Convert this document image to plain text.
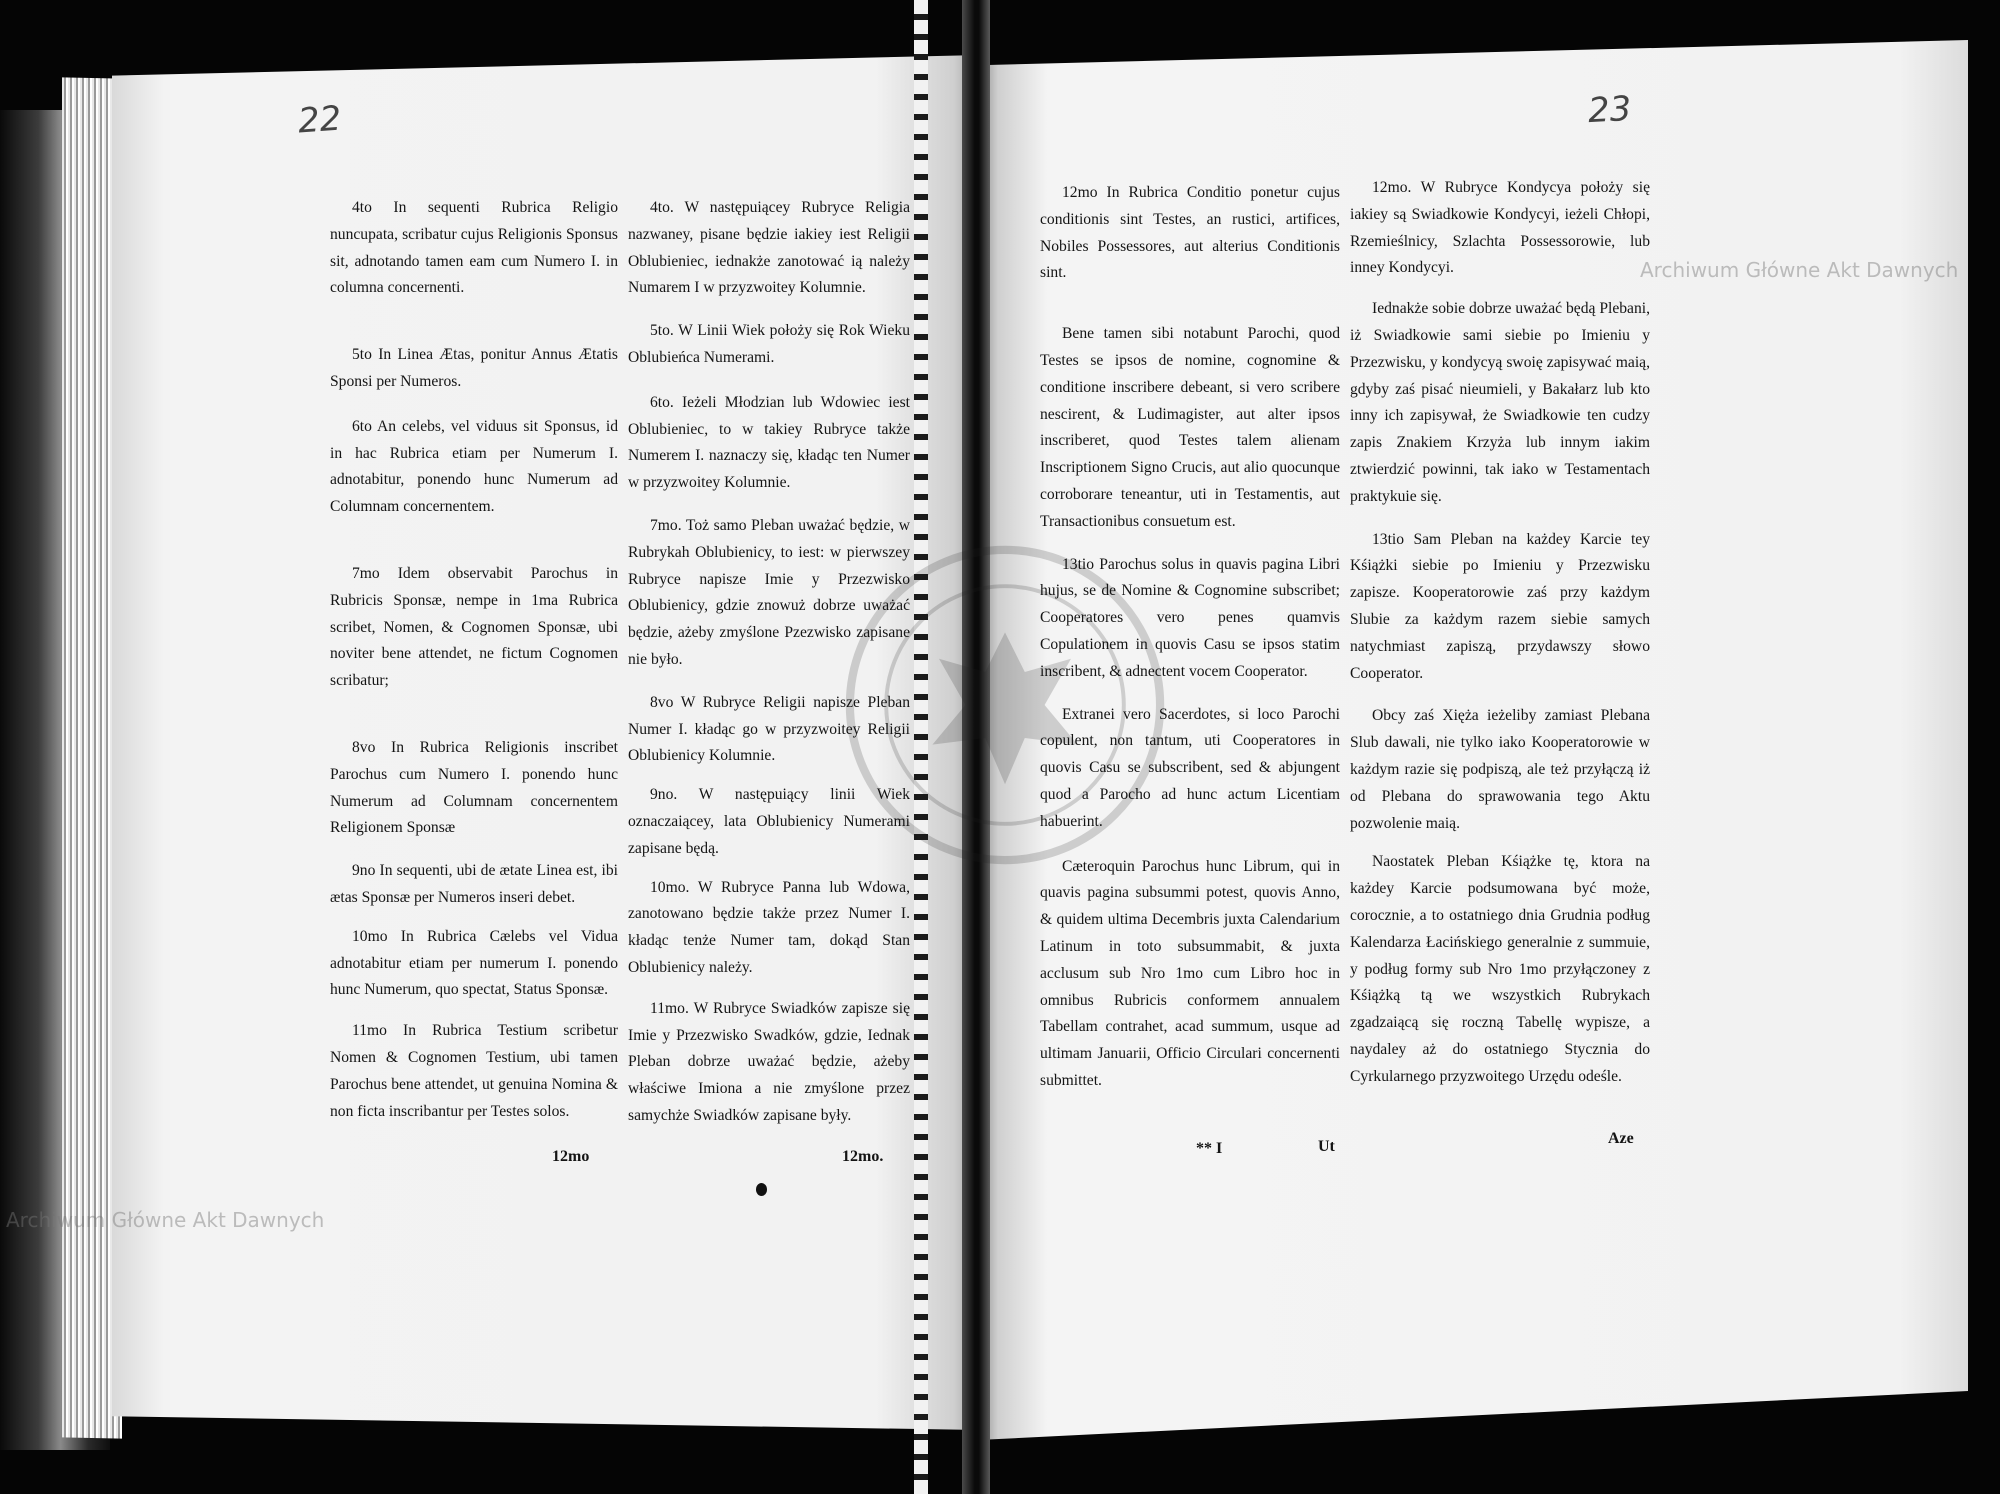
22	23

4to In sequenti Rubrica Religio nuncupata, scribatur cujus Religionis Sponsus sit, adnotando tamen eam cum Numero I. in columna concernenti.

5to In Linea Ætas, ponitur Annus Ætatis Sponsi per Numeros.

6to An celebs, vel viduus sit Sponsus, id in hac Rubrica etiam per Numerum I. adnotabitur, ponendo hunc Numerum ad Columnam concernentem.

7mo Idem observabit Parochus in Rubricis Sponsæ, nempe in 1ma Rubrica scribet, Nomen, & Cognomen Sponsæ, ubi noviter bene attendet, ne fictum Cognomen scribatur;

8vo In Rubrica Religionis inscribet Parochus cum Numero I. ponendo hunc Numerum ad Columnam concernentem Religionem Sponsæ

9no In sequenti, ubi de ætate Linea est, ibi ætas Sponsæ per Numeros inseri debet.

10mo In Rubrica Cælebs vel Vidua adnotabitur etiam per numerum I. ponendo hunc Numerum, quo spectat, Status Sponsæ.

11mo In Rubrica Testium scribetur Nomen & Cognomen Testium, ubi tamen Parochus bene attendet, ut genuina Nomina & non ficta inscribantur per Testes solos.

4to. W następuiącey Rubryce Religia nazwaney, pisane będzie iakiey iest Religii Oblubieniec, iednakże zanotować ią należy Numarem I w przyzwoitey Kolumnie.

5to. W Linii Wiek położy się Rok Wieku Oblubieńca Numerami.

6to. Ieżeli Młodzian lub Wdowiec iest Oblubieniec, to w takiey Rubryce także Numerem I. naznaczy się, kładąc ten Numer w przyzwoitey Kolumnie.

7mo. Toż samo Pleban uważać będzie, w Rubrykah Oblubienicy, to iest: w pierwszey Rubryce napisze Imie y Przezwisko Oblubienicy, gdzie znowuż dobrze uważać będzie, ażeby zmyślone Pzezwisko zapisane nie było.

8vo W Rubryce Religii napisze Pleban Numer I. kładąc go w przyzwoitey Religii Oblubienicy Kolumnie.

9no. W następuiący linii Wiek oznaczaiącey, lata Oblubienicy Numerami zapisane będą.

10mo. W Rubryce Panna lub Wdowa, zanotowano będzie także przez Numer I. kładąc tenże Numer tam, dokąd Stan Oblubienicy należy.

11mo. W Rubryce Swiadków zapisze się Imie y Przezwisko Swadków, gdzie, Iednak Pleban dobrze uważać będzie, ażeby właściwe Imiona a nie zmyślone przez samychże Swiadków zapisane były.

12mo	12mo.

12mo In Rubrica Conditio ponetur cujus conditionis sint Testes, an rustici, artifices, Nobiles Possessores, aut alterius Conditionis sint.

Bene tamen sibi notabunt Parochi, quod Testes se ipsos de nomine, cognomine & conditione inscribere debeant, si vero scribere nescirent, & Ludimagister, aut alter ipsos inscriberet, quod Testes talem alienam Inscriptionem Signo Crucis, aut alio quocunque corroborare teneantur, uti in Testamentis, aut Transactionibus consuetum est.

13tio Parochus solus in quavis pagina Libri hujus, se de Nomine & Cognomine subscribet; Cooperatores vero penes quamvis Copulationem in quovis Casu se ipsos statim inscribent, & adnectent vocem Cooperator.

Extranei vero Sacerdotes, si loco Parochi copulent, non tantum, uti Cooperatores in quovis Casu se subscribent, sed & abjungent quod a Parocho ad hunc actum Licentiam habuerint.

Cæteroquin Parochus hunc Librum, qui in quavis pagina subsummi potest, quovis Anno, & quidem ultima Decembris juxta Calendarium Latinum in toto subsummabit, & juxta acclusum sub Nro 1mo cum Libro hoc in omnibus Rubricis conformem annualem Tabellam contrahet, acad summum, usque ad ultimam Januarii, Officio Circulari concernenti submittet.

12mo. W Rubryce Kondycya położy się iakiey są Swiadkowie Kondycyi, ieżeli Chłopi, Rzemieślnicy, Szlachta Possessorowie, lub inney Kondycyi.

Iednakże sobie dobrze uważać będą Plebani, iż Swiadkowie sami siebie po Imieniu y Przezwisku, y kondycyą swoię zapisywać maią, gdyby zaś pisać nieumieli, y Bakałarz lub kto inny ich zapisywał, że Swiadkowie ten cudzy zapis Znakiem Krzyża lub innym iakim ztwierdzić powinni, tak iako w Testamentach praktykuie się.

13tio Sam Pleban na każdey Karcie tey Kśiążki siebie po Imieniu y Przezwisku zapisze. Kooperatorowie zaś przy każdym Slubie za każdym razem siebie samych natychmiast zapiszą, przydawszy słowo Cooperator.

Obcy zaś Xięża ieżeliby zamiast Plebana Slub dawali, nie tylko iako Kooperatorowie w każdym razie się podpiszą, ale też przyłączą iż od Plebana do sprawowania tego Aktu pozwolenie maią.

Naostatek Pleban Kśiążke tę, ktora na każdey Karcie podsumowana być może, corocznie, a to ostatniego dnia Grudnia podług Kalendarza Łacińskiego generalnie z summuie, y podług formy sub Nro 1mo przyłączoney z Kśiążką tą we wszystkich Rubrykach zgadzaiącą się roczną Tabellę wypisze, a naydaley aż do ostatniego Stycznia do Cyrkularnego przyzwoitego Urzędu odeśle.

** I	Ut	Aze
Archiwum Główne Akt Dawnych
Archiwum Główne Akt Dawnych
